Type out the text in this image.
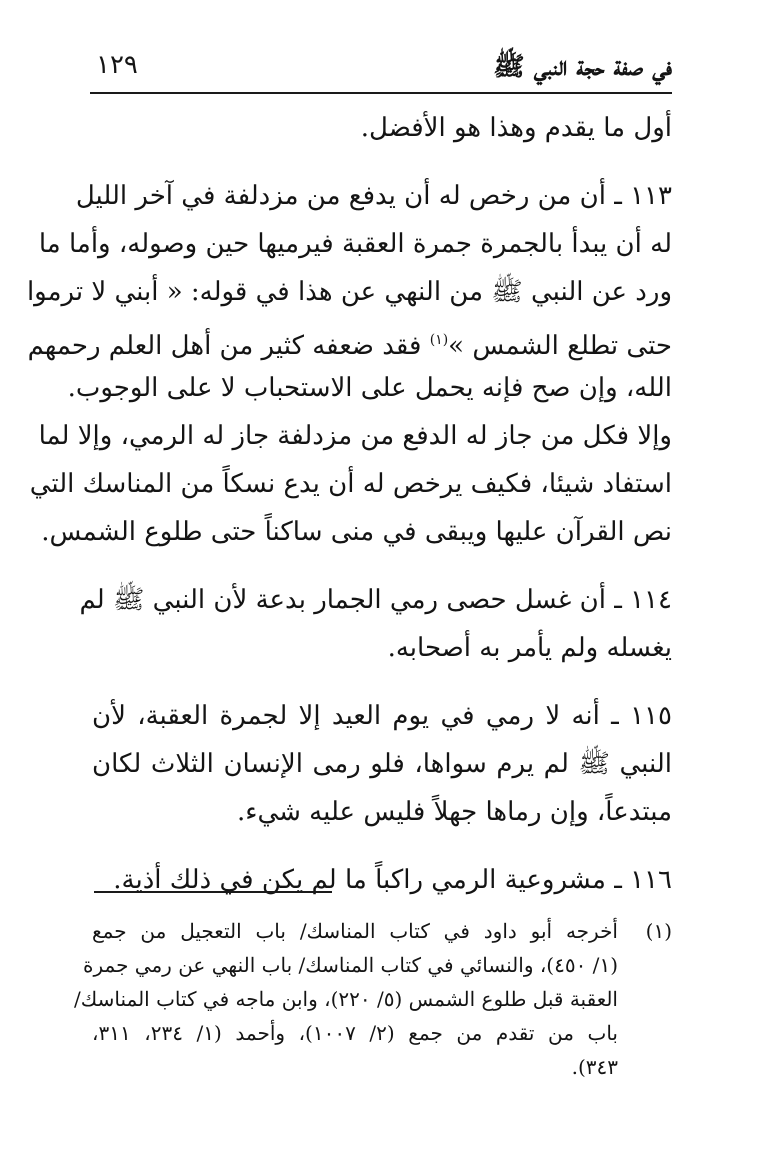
في صفة حجة النبي ﷺ
١٢٩
أول ما يقدم وهذا هو الأفضل.
١١٣ ـ أن من رخص له أن يدفع من مزدلفة في آخر الليل
له أن يبدأ بالجمرة جمرة العقبة فيرميها حين وصوله، وأما ما
ورد عن النبي ﷺ من النهي عن هذا في قوله: « أبني لا ترموا
حتى تطلع الشمس »$^{(١)}$ فقد ضعفه كثير من أهل العلم رحمهم
الله، وإن صح فإنه يحمل على الاستحباب لا على الوجوب.
وإلا فكل من جاز له الدفع من مزدلفة جاز له الرمي، وإلا لما
استفاد شيئا، فكيف يرخص له أن يدع نسكاً من المناسك التي
نص القرآن عليها ويبقى في منى ساكناً حتى طلوع الشمس.
١١٤ ـ أن غسل حصى رمي الجمار بدعة لأن النبي ﷺ لم
يغسله ولم يأمر به أصحابه.
١١٥ ـ أنه لا رمي في يوم العيد إلا لجمرة العقبة، لأن
النبي ﷺ لم يرم سواها، فلو رمى الإنسان الثلاث لكان
مبتدعاً، وإن رماها جهلاً فليس عليه شيء.
١١٦ ـ مشروعية الرمي راكباً ما لم يكن في ذلك أذية.
(١)
أخرجه أبو داود في كتاب المناسك/ باب التعجيل من جمع
(١/ ٤٥٠)، والنسائي في كتاب المناسك/ باب النهي عن رمي جمرة
العقبة قبل طلوع الشمس (٥/ ٢٢٠)، وابن ماجه في كتاب المناسك/
باب من تقدم من جمع (٢/ ١٠٠٧)، وأحمد (١/ ٢٣٤، ٣١١،
٣٤٣).
